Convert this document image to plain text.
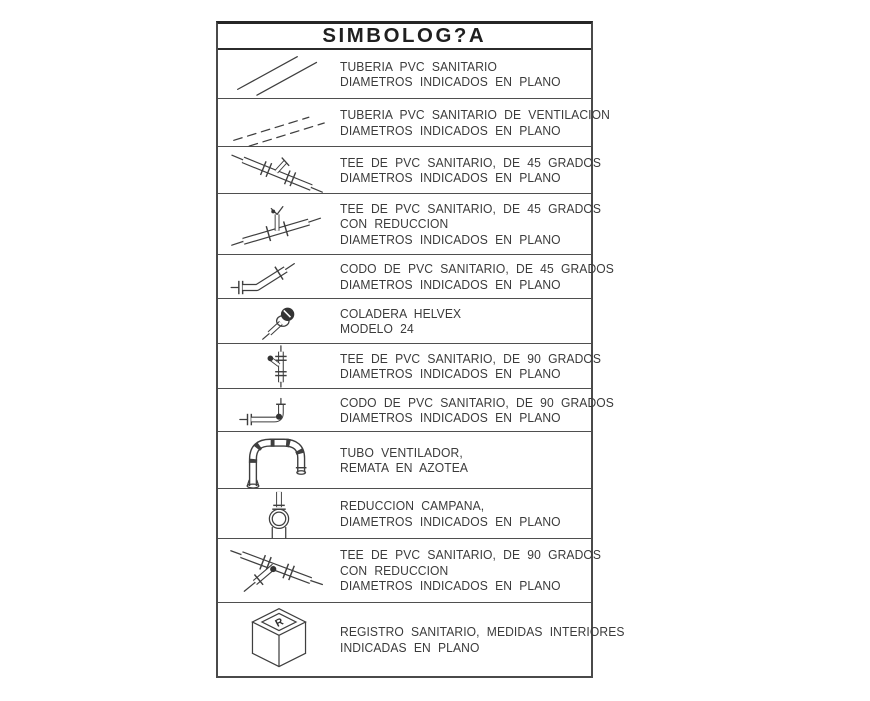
SIMBOLOG?A
TUBERIA PVC SANITARIO
DIAMETROS INDICADOS EN PLANO
TUBERIA PVC SANITARIO DE VENTILACION
DIAMETROS INDICADOS EN PLANO
TEE DE PVC SANITARIO, DE 45 GRADOS
DIAMETROS INDICADOS EN PLANO
TEE DE PVC SANITARIO, DE 45 GRADOS
CON REDUCCION
DIAMETROS INDICADOS EN PLANO
CODO DE PVC SANITARIO, DE 45 GRADOS
DIAMETROS INDICADOS EN PLANO
COLADERA HELVEX
MODELO 24
TEE DE PVC SANITARIO, DE 90 GRADOS
DIAMETROS INDICADOS EN PLANO
CODO DE PVC SANITARIO, DE 90 GRADOS
DIAMETROS INDICADOS EN PLANO
TUBO VENTILADOR,
REMATA EN AZOTEA
REDUCCION CAMPANA,
DIAMETROS INDICADOS EN PLANO
TEE DE PVC SANITARIO, DE 90 GRADOS
CON REDUCCION
DIAMETROS INDICADOS EN PLANO
R
REGISTRO SANITARIO, MEDIDAS INTERIORES
INDICADAS EN PLANO
